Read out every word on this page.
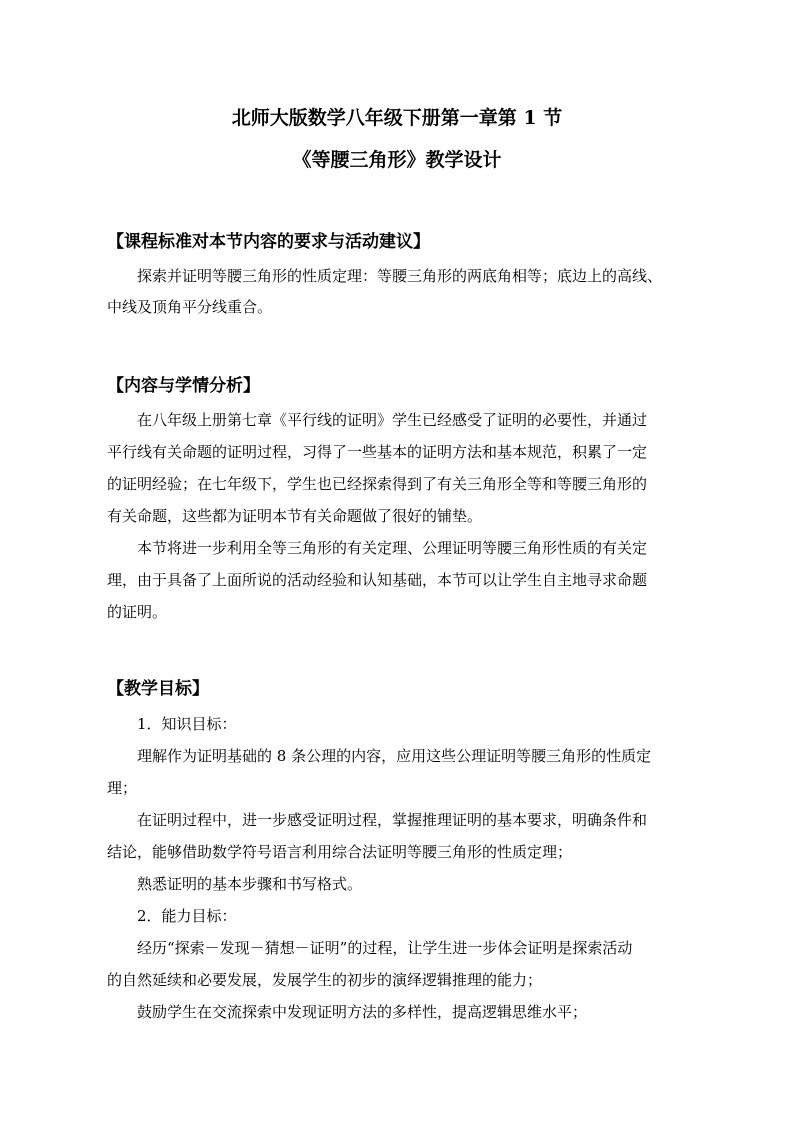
北师大版数学八年级下册第一章第 1 节
《等腰三角形》教学设计
【课程标准对本节内容的要求与活动建议】
探索并证明等腰三角形的性质定理：等腰三角形的两底角相等；底边上的高线、
中线及顶角平分线重合。
【内容与学情分析】
在八年级上册第七章《平行线的证明》学生已经感受了证明的必要性，并通过
平行线有关命题的证明过程，习得了一些基本的证明方法和基本规范，积累了一定
的证明经验；在七年级下，学生也已经探索得到了有关三角形全等和等腰三角形的
有关命题，这些都为证明本节有关命题做了很好的铺垫。
本节将进一步利用全等三角形的有关定理、公理证明等腰三角形性质的有关定
理，由于具备了上面所说的活动经验和认知基础，本节可以让学生自主地寻求命题
的证明。
【教学目标】
1．知识目标：
理解作为证明基础的 8 条公理的内容，应用这些公理证明等腰三角形的性质定
理；
在证明过程中，进一步感受证明过程，掌握推理证明的基本要求，明确条件和
结论，能够借助数学符号语言利用综合法证明等腰三角形的性质定理；
熟悉证明的基本步骤和书写格式。
2．能力目标：
经历“探索－发现－猜想－证明”的过程，让学生进一步体会证明是探索活动
的自然延续和必要发展，发展学生的初步的演绎逻辑推理的能力；
鼓励学生在交流探索中发现证明方法的多样性，提高逻辑思维水平；
